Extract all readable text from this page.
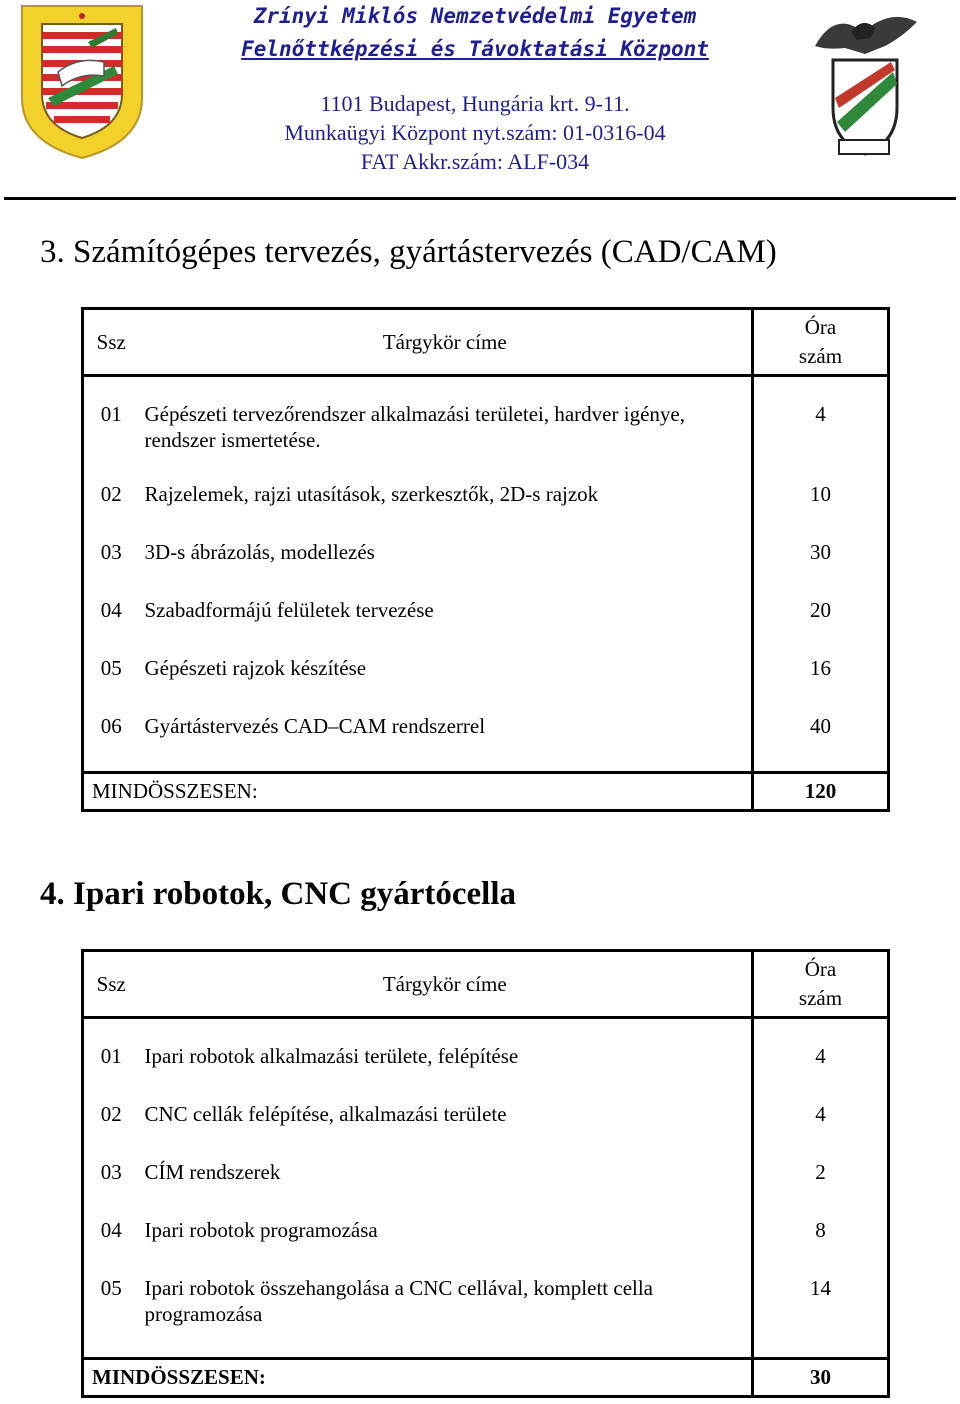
Zrínyi Miklós Nemzetvédelmi Egyetem
Felnőttképzési és Távoktatási Központ
1101 Budapest, Hungária krt. 9-11.
Munkaügyi Központ nyt.szám: 01-0316-04
FAT Akkr.szám: ALF-034
3. Számítógépes tervezés, gyártástervezés (CAD/CAM)
Ssz	Tárgykör címe	Óra
szám
01	Gépészeti tervezőrendszer alkalmazási területei, hardver igénye, rendszer ismertetése.	4
02	Rajzelemek, rajzi utasítások, szerkesztők, 2D-s rajzok	10
03	3D-s ábrázolás, modellezés	30
04	Szabadformájú felületek tervezése	20
05	Gépészeti rajzok készítése	16
06	Gyártástervezés CAD–CAM rendszerrel	40
MINDÖSSZESEN:		120
4. Ipari robotok, CNC gyártócella
Ssz	Tárgykör címe	Óra
szám
01	Ipari robotok alkalmazási területe, felépítése	4
02	CNC cellák felépítése, alkalmazási területe	4
03	CÍM rendszerek	2
04	Ipari robotok programozása	8
05	Ipari robotok összehangolása a CNC cellával, komplett cella programozása	14
MINDÖSSZESEN:		30
